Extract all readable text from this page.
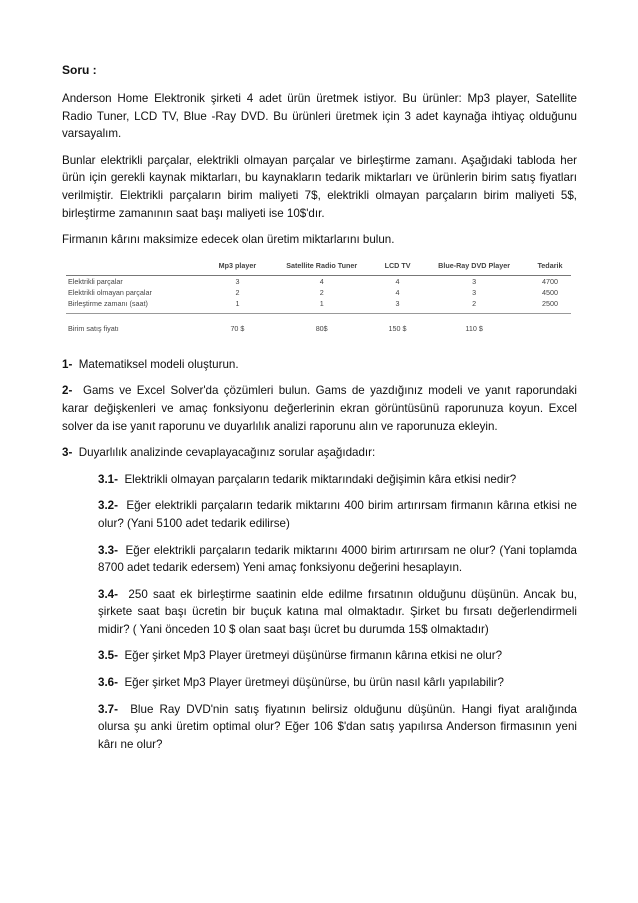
Soru :

Anderson Home Elektronik şirketi 4 adet ürün üretmek istiyor. Bu ürünler: Mp3 player, Satellite Radio Tuner, LCD TV, Blue -Ray DVD. Bu ürünleri üretmek için 3 adet kaynağa ihtiyaç olduğunu varsayalım.

Bunlar elektrikli parçalar, elektrikli olmayan parçalar ve birleştirme zamanı. Aşağıdaki tabloda her ürün için gerekli kaynak miktarları, bu kaynakların tedarik miktarları ve ürünlerin birim satış fiyatları verilmiştir. Elektrikli parçaların birim maliyeti 7$, elektrikli olmayan parçaların birim maliyeti 5$, birleştirme zamanının saat başı maliyeti ise 10$'dır.

Firmanın kârını maksimize edecek olan üretim miktarlarını bulun.

	Mp3 player	Satellite Radio Tuner	LCD TV	Blue-Ray DVD Player	Tedarik
Elektrikli parçalar	3	4	4	3	4700
Elektrikli olmayan parçalar	2	2	4	3	4500
Birleştirme zamanı (saat)	1	1	3	2	2500

Birim satış fiyatı	70 $	80$	150 $	110 $	

1- Matematiksel modeli oluşturun.

2- Gams ve Excel Solver'da çözümleri bulun. Gams de yazdığınız modeli ve yanıt raporundaki karar değişkenleri ve amaç fonksiyonu değerlerinin ekran görüntüsünü raporunuza koyun. Excel solver da ise yanıt raporunu ve duyarlılık analizi raporunu alın ve raporunuza ekleyin.

3- Duyarlılık analizinde cevaplayacağınız sorular aşağıdadır:

3.1- Elektrikli olmayan parçaların tedarik miktarındaki değişimin kâra etkisi nedir?

3.2- Eğer elektrikli parçaların tedarik miktarını 400 birim artırırsam firmanın kârına etkisi ne olur? (Yani 5100 adet tedarik edilirse)

3.3- Eğer elektrikli parçaların tedarik miktarını 4000 birim artırırsam ne olur? (Yani toplamda 8700 adet tedarik edersem) Yeni amaç fonksiyonu değerini hesaplayın.

3.4- 250 saat ek birleştirme saatinin elde edilme fırsatının olduğunu düşünün. Ancak bu, şirkete saat başı ücretin bir buçuk katına mal olmaktadır. Şirket bu fırsatı değerlendirmeli midir? ( Yani önceden 10 $ olan saat başı ücret bu durumda 15$ olmaktadır)

3.5- Eğer şirket Mp3 Player üretmeyi düşünürse firmanın kârına etkisi ne olur?

3.6- Eğer şirket Mp3 Player üretmeyi düşünürse, bu ürün nasıl kârlı yapılabilir?

3.7- Blue Ray DVD'nin satış fiyatının belirsiz olduğunu düşünün. Hangi fiyat aralığında olursa şu anki üretim optimal olur? Eğer 106 $'dan satış yapılırsa Anderson firmasının yeni kârı ne olur?
